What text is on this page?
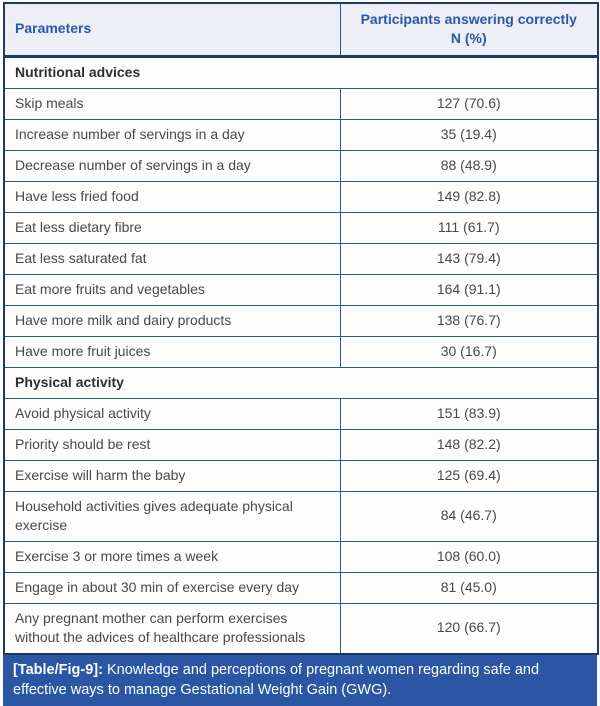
Parameters	Participants answering correctly
N (%)

Nutritional advices	
Skip meals	127 (70.6)
Increase number of servings in a day	35 (19.4)
Decrease number of servings in a day	88 (48.9)
Have less fried food	149 (82.8)
Eat less dietary fibre	111 (61.7)
Eat less saturated fat	143 (79.4)
Eat more fruits and vegetables	164 (91.1)
Have more milk and dairy products	138 (76.7)
Have more fruit juices	30 (16.7)
Physical activity	
Avoid physical activity	151 (83.9)
Priority should be rest	148 (82.2)
Exercise will harm the baby	125 (69.4)
Household activities gives adequate physical exercise	84 (46.7)
Exercise 3 or more times a week	108 (60.0)
Engage in about 30 min of exercise every day	81 (45.0)
Any pregnant mother can perform exercises without the advices of healthcare professionals	120 (66.7)
[Table/Fig-9]: Knowledge and perceptions of pregnant women regarding safe and effective ways to manage Gestational Weight Gain (GWG).
